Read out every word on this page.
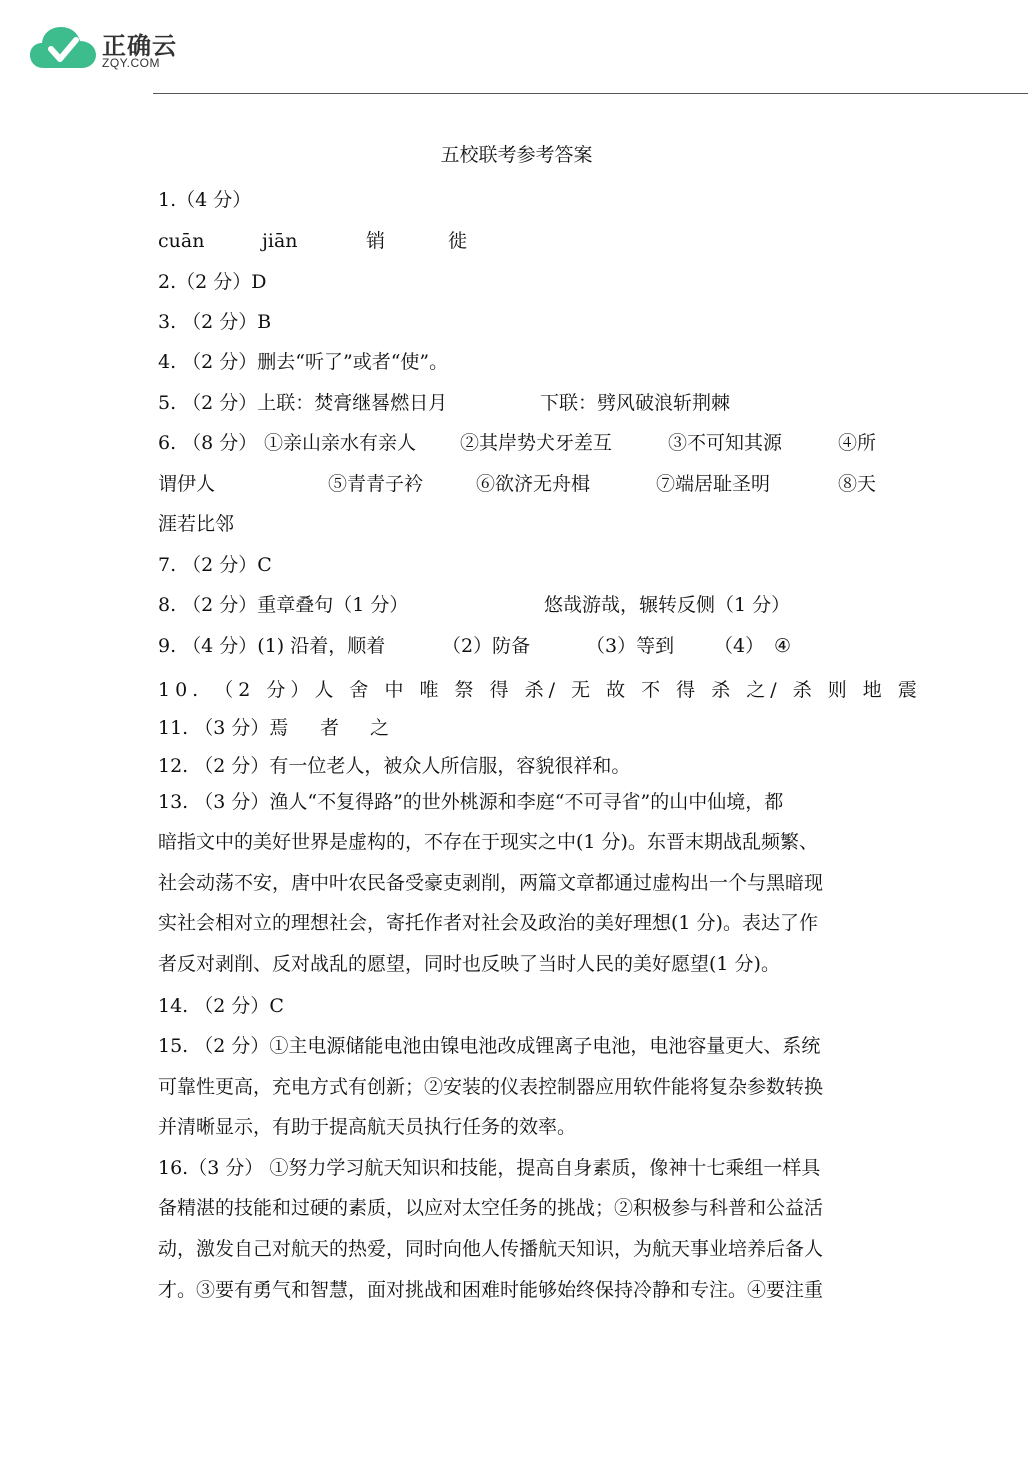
正确云
ZQY.COM
五校联考参考答案
1.（4 分）
cuān	jiān	销	徙
2.（2 分）D
3. （2 分）B
4. （2 分）删去“听了”或者“使”。
5. （2 分）上联：焚膏继晷燃日月	下联：劈风破浪斩荆棘
6. （8 分） ①亲山亲水有亲人 ②其岸势犬牙差互	③不可知其源	④所
谓伊人	⑤青青子衿	⑥欲济无舟楫	⑦端居耻圣明	⑧天
涯若比邻
7. （2 分）C
8. （2 分）重章叠句（1 分）	悠哉游哉，辗转反侧（1 分）
9. （4 分）(1) 沿着，顺着	（2）防备	（3）等到 （4） ④
10. （2 分）人 舍 中 唯 祭 得 杀/ 无 故 不 得 杀 之/ 杀 则 地 震
11. （3 分）焉 者 之
12. （2 分）有一位老人，被众人所信服，容貌很祥和。
13. （3 分）渔人“不复得路”的世外桃源和李庭“不可寻省”的山中仙境，都
暗指文中的美好世界是虚构的，不存在于现实之中(1 分)。东晋末期战乱频繁、
社会动荡不安，唐中叶农民备受豪吏剥削，两篇文章都通过虚构出一个与黑暗现
实社会相对立的理想社会，寄托作者对社会及政治的美好理想(1 分)。表达了作
者反对剥削、反对战乱的愿望，同时也反映了当时人民的美好愿望(1 分)。
14. （2 分）C
15. （2 分）①主电源储能电池由镍电池改成锂离子电池，电池容量更大、系统
可靠性更高，充电方式有创新；②安装的仪表控制器应用软件能将复杂参数转换
并清晰显示，有助于提高航天员执行任务的效率。
16.（3 分） ①努力学习航天知识和技能，提高自身素质，像神十七乘组一样具
备精湛的技能和过硬的素质，以应对太空任务的挑战；②积极参与科普和公益活
动，激发自己对航天的热爱，同时向他人传播航天知识，为航天事业培养后备人
才。③要有勇气和智慧，面对挑战和困难时能够始终保持冷静和专注。④要注重
